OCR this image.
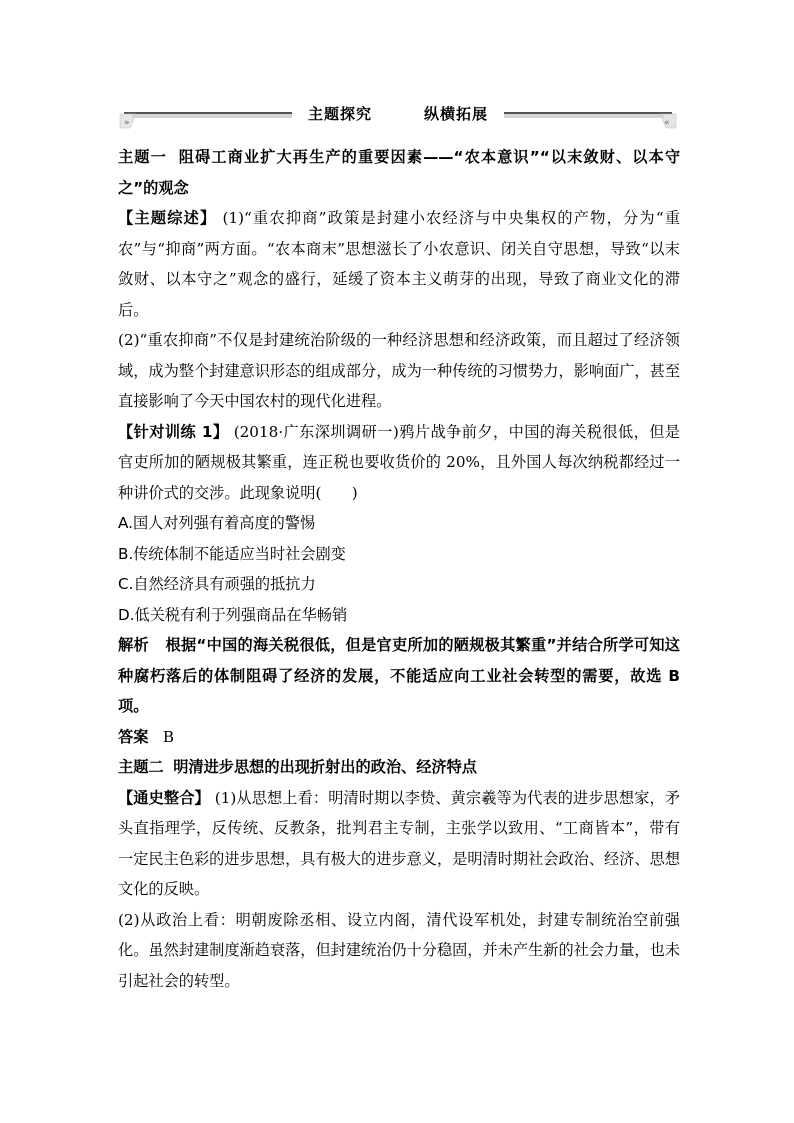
»	«
主题探究	纵横拓展

主题一 阻碍工商业扩大再生产的重要因素——“农本意识”“以末敛财、以本守之”的观念

【主题综述】 (1)“重农抑商”政策是封建小农经济与中央集权的产物，分为“重农”与“抑商”两方面。“农本商末”思想滋长了小农意识、闭关自守思想，导致“以末敛财、以本守之”观念的盛行，延缓了资本主义萌芽的出现，导致了商业文化的滞后。

(2)“重农抑商”不仅是封建统治阶级的一种经济思想和经济政策，而且超过了经济领域，成为整个封建意识形态的组成部分，成为一种传统的习惯势力，影响面广，甚至直接影响了今天中国农村的现代化进程。

【针对训练 1】 (2018·广东深圳调研一)鸦片战争前夕，中国的海关税很低，但是官吏所加的陋规极其繁重，连正税也要收货价的 20%，且外国人每次纳税都经过一种讲价式的交涉。此现象说明(　　)

A.国人对列强有着高度的警惕

B.传统体制不能适应当时社会剧变

C.自然经济具有顽强的抵抗力

D.低关税有利于列强商品在华畅销

解析 根据“中国的海关税很低，但是官吏所加的陋规极其繁重”并结合所学可知这种腐朽落后的体制阻碍了经济的发展，不能适应向工业社会转型的需要，故选 B 项。

答案 B

主题二 明清进步思想的出现折射出的政治、经济特点

【通史整合】 (1)从思想上看：明清时期以李贽、黄宗羲等为代表的进步思想家，矛头直指理学，反传统、反教条，批判君主专制，主张学以致用、“工商皆本”，带有一定民主色彩的进步思想，具有极大的进步意义，是明清时期社会政治、经济、思想文化的反映。

(2)从政治上看：明朝废除丞相、设立内阁，清代设军机处，封建专制统治空前强化。虽然封建制度渐趋衰落，但封建统治仍十分稳固，并未产生新的社会力量，也未引起社会的转型。
